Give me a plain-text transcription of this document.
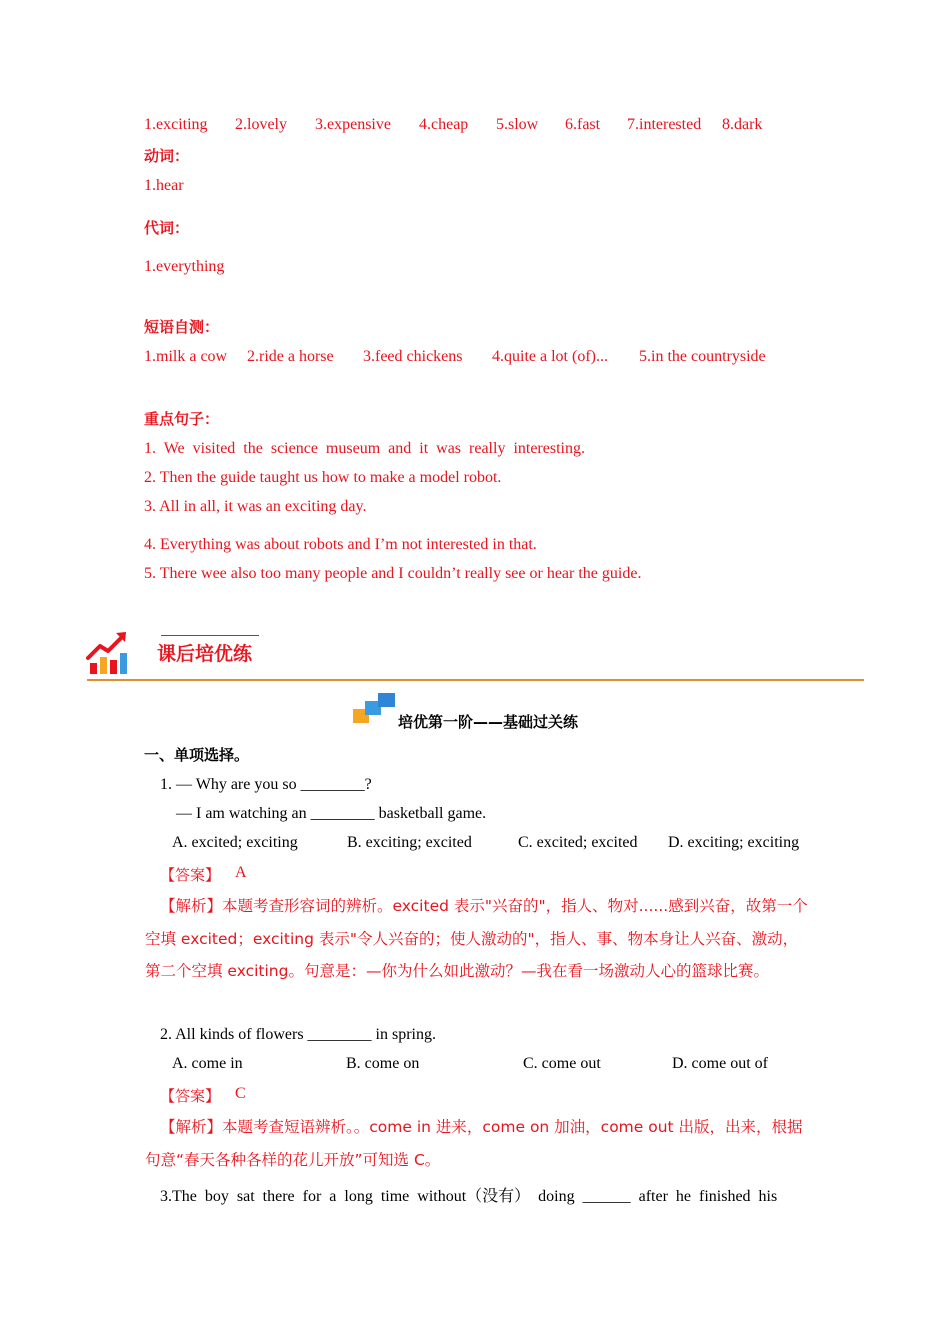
1.exciting 2.lovely 3.expensive 4.cheap 5.slow 6.fast 7.interested 8.dark
动词：
1.hear
代词：
1.everything
短语自测：
1.milk a cow 2.ride a horse 3.feed chickens 4.quite a lot (of)... 5.in the countryside
重点句子：
1.  We  visited  the  science  museum  and  it  was  really  interesting.
2. Then the guide taught us how to make a model robot.
3. All in all, it was an exciting day.
4. Everything was about robots and I’m not interested in that.
5. There wee also too many people and I couldn’t really see or hear the guide.
课后培优练
培优第一阶——基础过关练
一、单项选择。
1. — Why are you so ________?
— I am watching an ________ basketball game.
A. excited; exciting	B. exciting; excited	C. excited; excited D. exciting; exciting
【答案】 A
【解析】本题考查形容词的辨析。excited 表示"兴奋的"，指人、物对......感到兴奋，故第一个空填 excited；exciting 表示"令人兴奋的；使人激动的"，指人、事、物本身让人兴奋、激动，第二个空填 exciting。句意是：—你为什么如此激动？—我在看一场激动人心的篮球比赛。
2. All kinds of flowers ________ in spring.
A. come in	B. come on	C. come out	D. come out of
【答案】 C
【解析】本题考查短语辨析。。come in 进来，come on 加油，come out 出版，出来，根据句意“春天各种各样的花儿开放”可知选 C。
3.The  boy  sat  there  for  a  long  time  without（没有）  doing  ______  after  he  finished  his
